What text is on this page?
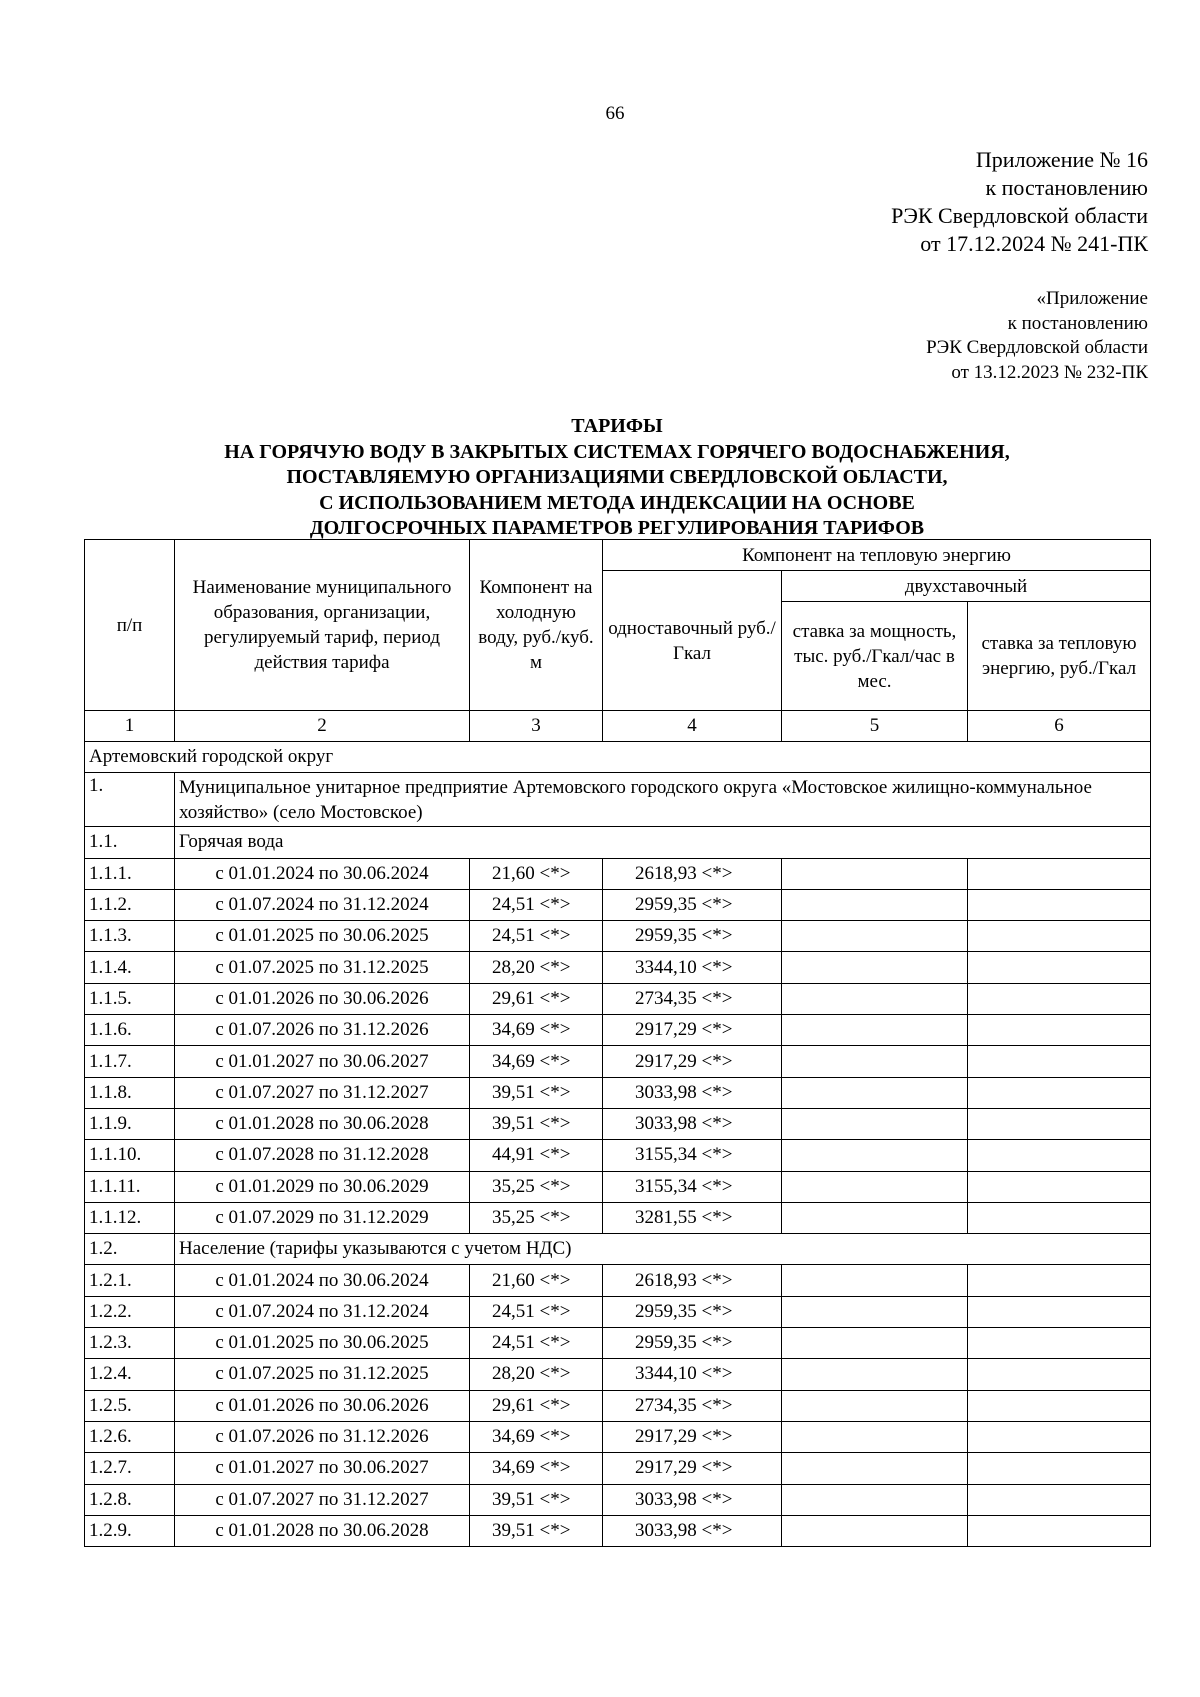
66
Приложение № 16
к постановлению
РЭК Свердловской области
от 17.12.2024 № 241-ПК
«Приложение
к постановлению
РЭК Свердловской области
от 13.12.2023 № 232-ПК
ТАРИФЫ
НА ГОРЯЧУЮ ВОДУ В ЗАКРЫТЫХ СИСТЕМАХ ГОРЯЧЕГО ВОДОСНАБЖЕНИЯ,
ПОСТАВЛЯЕМУЮ ОРГАНИЗАЦИЯМИ СВЕРДЛОВСКОЙ ОБЛАСТИ,
С ИСПОЛЬЗОВАНИЕМ МЕТОДА ИНДЕКСАЦИИ НА ОСНОВЕ
ДОЛГОСРОЧНЫХ ПАРАМЕТРОВ РЕГУЛИРОВАНИЯ ТАРИФОВ
п/п	Наименование муниципального образования, организации, регулируемый тариф, период действия тарифа	Компонент на холодную воду, руб./куб. м	Компонент на тепловую энергию		
			одноставочный руб./Гкал	двухставочный	
				ставка за мощность, тыс. руб./Гкал/час в мес.	ставка за тепловую энергию, руб./Гкал
1	2	3	4	5	6
Артемовский городской округ					
1.	Муниципальное унитарное предприятие Артемовского городского округа «Мостовское жилищно-коммунальное хозяйство» (село Мостовское)				
1.1.	Горячая вода				
1.1.1.	с 01.01.2024 по 30.06.2024	21,60 <*>	2618,93 <*>		
1.1.2.	с 01.07.2024 по 31.12.2024	24,51 <*>	2959,35 <*>		
1.1.3.	с 01.01.2025 по 30.06.2025	24,51 <*>	2959,35 <*>		
1.1.4.	с 01.07.2025 по 31.12.2025	28,20 <*>	3344,10 <*>		
1.1.5.	с 01.01.2026 по 30.06.2026	29,61 <*>	2734,35 <*>		
1.1.6.	с 01.07.2026 по 31.12.2026	34,69 <*>	2917,29 <*>		
1.1.7.	с 01.01.2027 по 30.06.2027	34,69 <*>	2917,29 <*>		
1.1.8.	с 01.07.2027 по 31.12.2027	39,51 <*>	3033,98 <*>		
1.1.9.	с 01.01.2028 по 30.06.2028	39,51 <*>	3033,98 <*>		
1.1.10.	с 01.07.2028 по 31.12.2028	44,91 <*>	3155,34 <*>		
1.1.11.	с 01.01.2029 по 30.06.2029	35,25 <*>	3155,34 <*>		
1.1.12.	с 01.07.2029 по 31.12.2029	35,25 <*>	3281,55 <*>		
1.2.	Население (тарифы указываются с учетом НДС)				
1.2.1.	с 01.01.2024 по 30.06.2024	21,60 <*>	2618,93 <*>		
1.2.2.	с 01.07.2024 по 31.12.2024	24,51 <*>	2959,35 <*>		
1.2.3.	с 01.01.2025 по 30.06.2025	24,51 <*>	2959,35 <*>		
1.2.4.	с 01.07.2025 по 31.12.2025	28,20 <*>	3344,10 <*>		
1.2.5.	с 01.01.2026 по 30.06.2026	29,61 <*>	2734,35 <*>		
1.2.6.	с 01.07.2026 по 31.12.2026	34,69 <*>	2917,29 <*>		
1.2.7.	с 01.01.2027 по 30.06.2027	34,69 <*>	2917,29 <*>		
1.2.8.	с 01.07.2027 по 31.12.2027	39,51 <*>	3033,98 <*>		
1.2.9.	с 01.01.2028 по 30.06.2028	39,51 <*>	3033,98 <*>		
